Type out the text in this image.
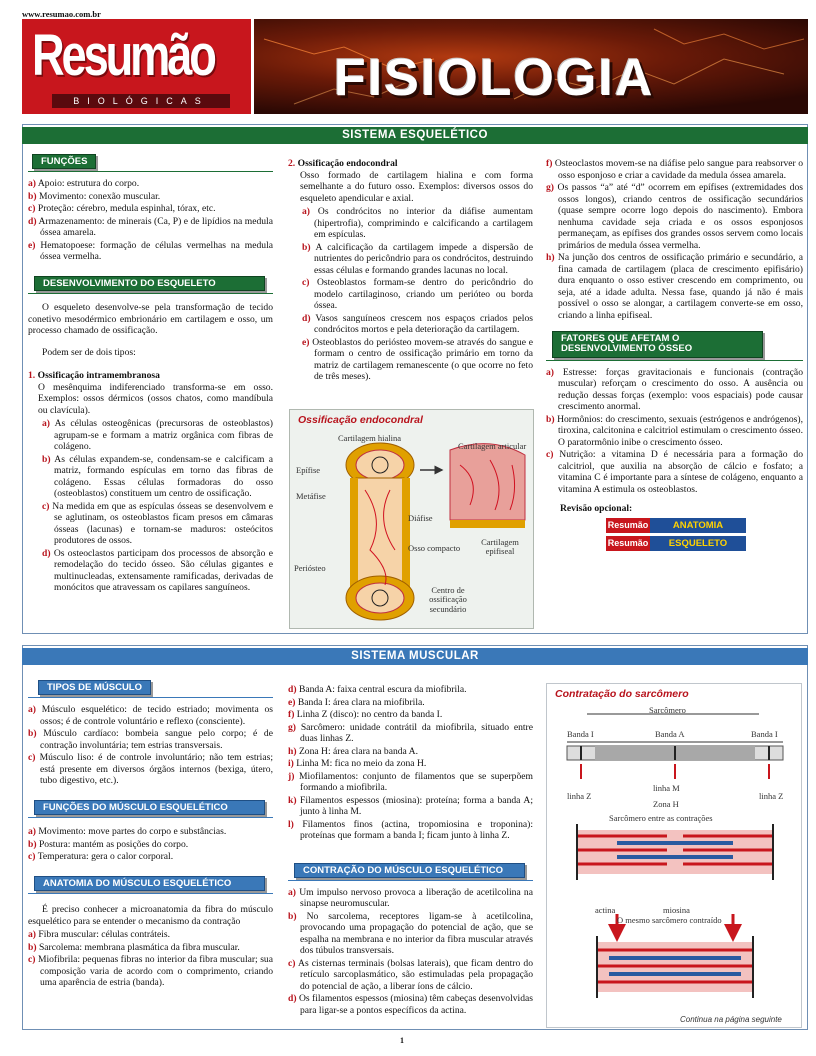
www.resumao.com.br
Resumão
BIOLÓGICAS	FISIOLOGIA
SISTEMA ESQUELÉTICO
FUNÇÕES
a) Apoio: estrutura do corpo.
b) Movimento: conexão muscular.
c) Proteção: cérebro, medula espinhal, tórax, etc.
d) Armazenamento: de minerais (Ca, P) e de lipídios na medula óssea amarela.
e) Hematopoese: formação de células vermelhas na medula óssea vermelha.
DESENVOLVIMENTO DO ESQUELETO

O esqueleto desenvolve-se pela transformação de tecido conetivo mesodérmico embrionário em cartilagem e osso, um processo chamado de ossificação.

Podem ser de dois tipos:

1. Ossificação intramembranosa

O mesênquima indiferenciado transforma-se em osso. Exemplos: ossos dérmicos (ossos chatos, como mandíbula ou clavícula).

a) As células osteogênicas (precursoras de osteoblastos) agrupam-se e formam a matriz orgânica com fibras de colágeno.
b) As células expandem-se, condensam-se e calcificam a matriz, formando espículas em torno das fibras de colágeno. Essas células formadoras do osso (osteoblastos) constituem um centro de ossificação.
c) Na medida em que as espículas ósseas se desenvolvem e se aglutinam, os osteoblastos ficam presos em câmaras ósseas (lacunas) e tornam-se maduros: osteócitos produtores de ossos.
d) Os osteoclastos participam dos processos de absorção e remodelação do tecido ósseo. São células gigantes e multinucleadas, extensamente ramificadas, derivadas de monócitos que atravessam os capilares sanguíneos.
2. Ossificação endocondral

Osso formado de cartilagem hialina e com forma semelhante a do futuro osso. Exemplos: diversos ossos do esqueleto apendicular e axial.

a) Os condrócitos no interior da diáfise aumentam (hipertrofia), comprimindo e calcificando a cartilagem em espículas.
b) A calcificação da cartilagem impede a dispersão de nutrientes do pericôndrio para os condrócitos, destruindo essas células e formando grandes lacunas no local.
c) Osteoblastos formam-se dentro do pericôndrio do modelo cartilaginoso, criando um perióteo ou borda óssea.
d) Vasos sanguíneos crescem nos espaços criados pelos condrócitos mortos e pela deterioração da cartilagem.
e) Osteoblastos do periósteo movem-se através do sangue e formam o centro de ossificação primário em torno da matriz de cartilagem remanescente (o que ocorre no feto de três meses).
Ossificação endocondral
Cartilagem hialina
Cartilagem articular
Epífise
Metáfise
Diáfise
Osso compacto
Cartilagem epifiseal
Periósteo
Centro de ossificação secundário
f) Osteoclastos movem-se na diáfise pelo sangue para reabsorver o osso esponjoso e criar a cavidade da medula óssea amarela.
g) Os passos “a” até “d” ocorrem em epífises (extremidades dos ossos longos), criando centros de ossificação secundários (quase sempre ocorre logo depois do nascimento). Embora nenhuma cavidade seja criada e os ossos esponjosos permaneçam, as epífises dos grandes ossos servem como locais primários de medula óssea vermelha.
h) Na junção dos centros de ossificação primário e secundário, a fina camada de cartilagem (placa de crescimento epifisário) dura enquanto o osso estiver crescendo em comprimento, ou seja, até a idade adulta. Nessa fase, quando já não é mais possível o osso se alongar, a cartilagem converte-se em osso, criando a linha epifiseal.
FATORES QUE AFETAM O DESENVOLVIMENTO ÓSSEO
a) Estresse: forças gravitacionais e funcionais (contração muscular) reforçam o crescimento do osso. A ausência ou redução dessas forças (exemplo: voos espaciais) pode causar crescimento anormal.
b) Hormônios: do crescimento, sexuais (estrógenos e andrógenos), tiroxina, calcitonina e calcitriol estimulam o crescimento ósseo. O paratormônio inibe o crescimento ósseo.
c) Nutrição: a vitamina D é necessária para a formação do calcitriol, que auxilia na absorção de cálcio e fosfato; a vitamina C é importante para a síntese de colágeno, enquanto a vitamina A estimula os osteoblastos.
Revisão opcional:
Resumão	ANATOMIA
Resumão	ESQUELETO
SISTEMA MUSCULAR
TIPOS DE MÚSCULO
a) Músculo esquelético: de tecido estriado; movimenta os ossos; é de controle voluntário e reflexo (consciente).
b) Músculo cardíaco: bombeia sangue pelo corpo; é de contração involuntária; tem estrias transversais.
c) Músculo liso: é de controle involuntário; não tem estrias; está presente em diversos órgãos internos (bexiga, útero, tubo digestivo, etc.).
FUNÇÕES DO MÚSCULO ESQUELÉTICO
a) Movimento: move partes do corpo e substâncias.
b) Postura: mantém as posições do corpo.
c) Temperatura: gera o calor corporal.
ANATOMIA DO MÚSCULO ESQUELÉTICO

É preciso conhecer a microanatomia da fibra do músculo esquelético para se entender o mecanismo da contração

a) Fibra muscular: células contráteis.
b) Sarcolema: membrana plasmática da fibra muscular.
c) Miofibrila: pequenas fibras no interior da fibra muscular; sua composição varia de acordo com o comprimento, criando uma aparência de estria (banda).
d) Banda A: faixa central escura da miofibrila.
e) Banda I: área clara na miofibrila.
f) Linha Z (disco): no centro da banda I.
g) Sarcômero: unidade contrátil da miofibrila, situado entre duas linhas Z.
h) Zona H: área clara na banda A.
i) Linha M: fica no meio da zona H.
j) Miofilamentos: conjunto de filamentos que se superpõem formando a miofibrila.
k) Filamentos espessos (miosina): proteína; forma a banda A; junto à linha M.
l) Filamentos finos (actina, tropomiosina e troponina): proteínas que formam a banda I; ficam junto à linha Z.
CONTRAÇÃO DO MÚSCULO ESQUELÉTICO
a) Um impulso nervoso provoca a liberação de acetilcolina na sinapse neuromuscular.
b) No sarcolema, receptores ligam-se à acetilcolina, provocando uma propagação do potencial de ação, que se espalha na membrana e no interior da fibra muscular através dos túbulos transversais.
c) As cisternas terminais (bolsas laterais), que ficam dentro do retículo sarcoplasmático, são estimuladas pela propagação do potencial de ação, a liberar íons de cálcio.
d) Os filamentos espessos (miosina) têm cabeças desenvolvidas para ligar-se a pontos específicos da actina.
Contratação do sarcômero
Sarcômero
Banda I	Banda A	Banda I
linha Z
linha M
Zona H
linha Z
Sarcômero entre as contrações
actina	miosina
O mesmo sarcômero contraído
Continua na página seguinte
1
